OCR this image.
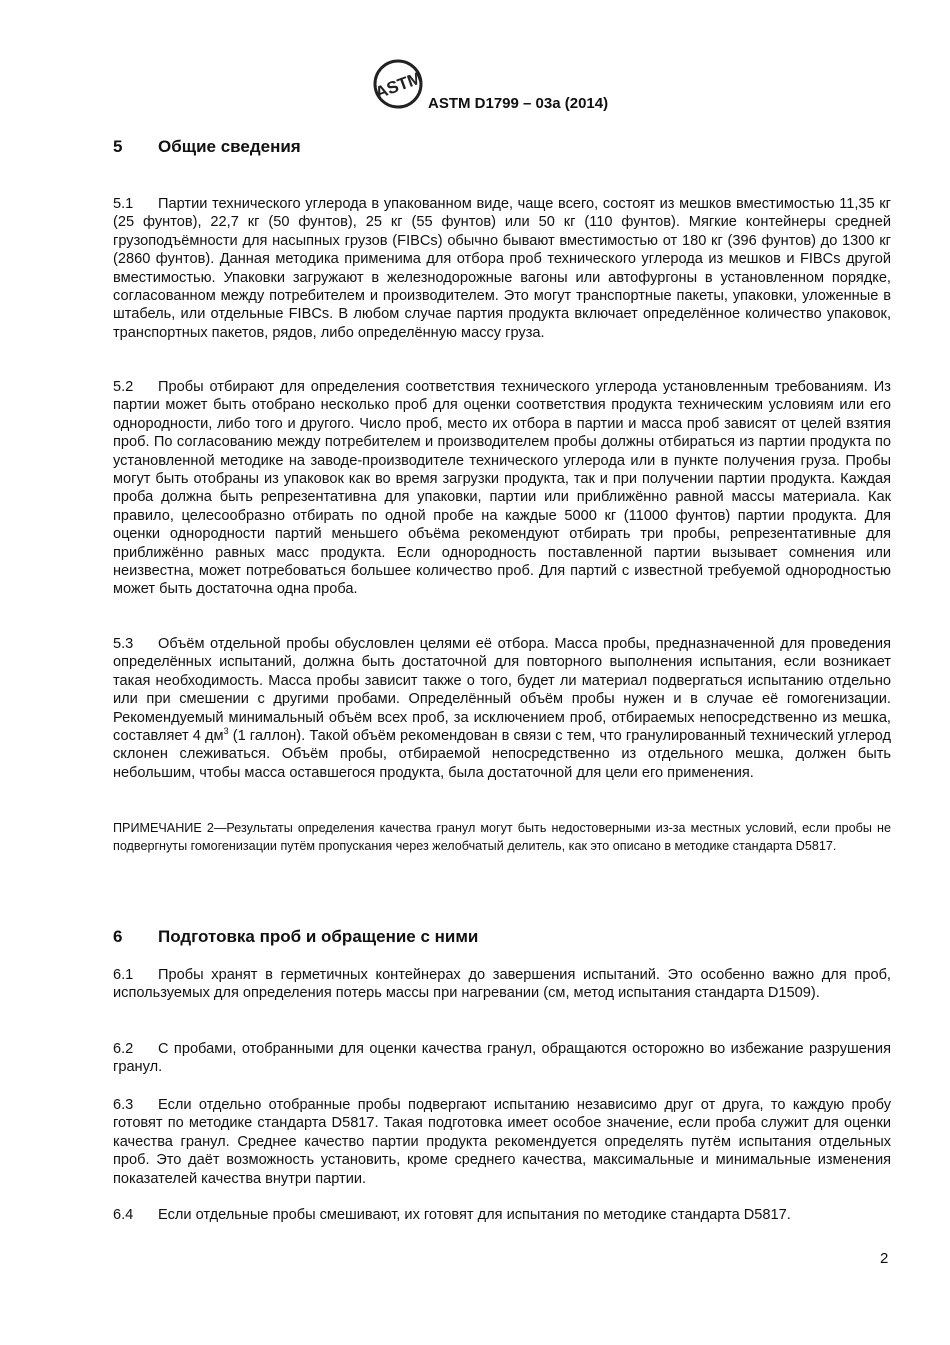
ASTM
ASTM D1799 – 03a (2014)
5 Общие сведения
5.1 Партии технического углерода в упакованном виде, чаще всего, состоят из мешков вместимостью 11,35 кг (25 фунтов), 22,7 кг (50 фунтов), 25 кг (55 фунтов) или 50 кг (110 фунтов). Мягкие контейнеры средней грузоподъёмности для насыпных грузов (FIBCs) обычно бывают вместимостью от 180 кг (396 фунтов) до 1300 кг (2860 фунтов). Данная методика применима для отбора проб технического углерода из мешков и FIBCs другой вместимостью. Упаковки загружают в железнодорожные вагоны или автофургоны в установленном порядке, согласованном между потребителем и производителем. Это могут транспортные пакеты, упаковки, уложенные в штабель, или отдельные FIBCs. В любом случае партия продукта включает определённое количество упаковок, транспортных пакетов, рядов, либо определённую массу груза.
5.2 Пробы отбирают для определения соответствия технического углерода установленным требованиям. Из партии может быть отобрано несколько проб для оценки соответствия продукта техническим условиям или его однородности, либо того и другого. Число проб, место их отбора в партии и масса проб зависят от целей взятия проб. По согласованию между потребителем и производителем пробы должны отбираться из партии продукта по установленной методике на заводе-производителе технического углерода или в пункте получения груза. Пробы могут быть отобраны из упаковок как во время загрузки продукта, так и при получении партии продукта. Каждая проба должна быть репрезентативна для упаковки, партии или приближённо равной массы материала. Как правило, целесообразно отбирать по одной пробе на каждые 5000 кг (11000 фунтов) партии продукта. Для оценки однородности партий меньшего объёма рекомендуют отбирать три пробы, репрезентативные для приближённо равных масс продукта. Если однородность поставленной партии вызывает сомнения или неизвестна, может потребоваться большее количество проб. Для партий с известной требуемой однородностью может быть достаточна одна проба.
5.3 Объём отдельной пробы обусловлен целями её отбора. Масса пробы, предназначенной для проведения определённых испытаний, должна быть достаточной для повторного выполнения испытания, если возникает такая необходимость. Масса пробы зависит также о того, будет ли материал подвергаться испытанию отдельно или при смешении с другими пробами. Определённый объём пробы нужен и в случае её гомогенизации. Рекомендуемый минимальный объём всех проб, за исключением проб, отбираемых непосредственно из мешка, составляет 4 $дм^3$ (1 галлон). Такой объём рекомендован в связи с тем, что гранулированный технический углерод склонен слеживаться. Объём пробы, отбираемой непосредственно из отдельного мешка, должен быть небольшим, чтобы масса оставшегося продукта, была достаточной для цели его применения.
ПРИМЕЧАНИЕ 2—Результаты определения качества гранул могут быть недостоверными из-за местных условий, если пробы не подвергнуты гомогенизации путём пропускания через желобчатый делитель, как это описано в методике стандарта D5817.
6 Подготовка проб и обращение с ними
6.1 Пробы хранят в герметичных контейнерах до завершения испытаний. Это особенно важно для проб, используемых для определения потерь массы при нагревании (см, метод испытания стандарта D1509).
6.2 С пробами, отобранными для оценки качества гранул, обращаются осторожно во избежание разрушения гранул.
6.3 Если отдельно отобранные пробы подвергают испытанию независимо друг от друга, то каждую пробу готовят по методике стандарта D5817. Такая подготовка имеет особое значение, если проба служит для оценки качества гранул. Среднее качество партии продукта рекомендуется определять путём испытания отдельных проб. Это даёт возможность установить, кроме среднего качества, максимальные и минимальные изменения показателей качества внутри партии.
6.4 Если отдельные пробы смешивают, их готовят для испытания по методике стандарта D5817.
2
